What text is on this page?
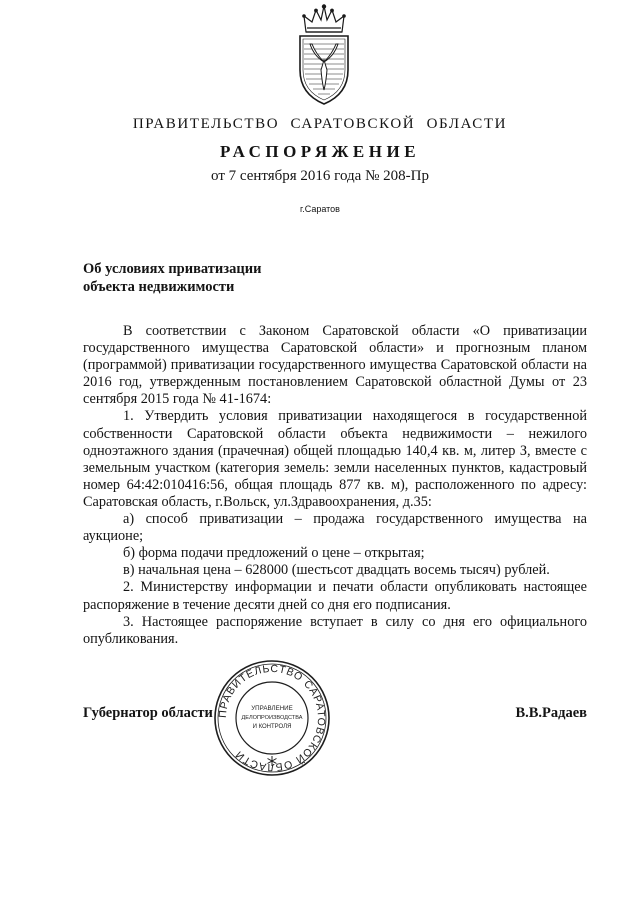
ПРАВИТЕЛЬСТВО САРАТОВСКОЙ ОБЛАСТИ
РАСПОРЯЖЕНИЕ
от 7 сентября 2016 года № 208-Пр
г.Саратов
Об условиях приватизации
объекта недвижимости

В соответствии с Законом Саратовской области «О приватизации государственного имущества Саратовской области» и прогнозным планом (программой) приватизации государственного имущества Саратовской области на 2016 год, утвержденным постановлением Саратовской областной Думы от 23 сентября 2015 года № 41-1674:

1. Утвердить условия приватизации находящегося в государственной собственности Саратовской области объекта недвижимости – нежилого одноэтажного здания (прачечная) общей площадью 140,4 кв. м, литер З, вместе с земельным участком (категория земель: земли населенных пунктов, кадастровый номер 64:42:010416:56, общая площадь 877 кв. м), расположенного по адресу: Саратовская область, г.Вольск, ул.Здравоохранения, д.35:

а) способ приватизации – продажа государственного имущества на аукционе;

б) форма подачи предложений о цене – открытая;

в) начальная цена – 628000 (шестьсот двадцать восемь тысяч) рублей.

2. Министерству информации и печати области опубликовать настоящее распоряжение в течение десяти дней со дня его подписания.

3. Настоящее распоряжение вступает в силу со дня его официального опубликования.

Губернатор области	В.В.Радаев
ПРАВИТЕЛЬСТВО САРАТОВСКОЙ ОБЛАСТИ
УПРАВЛЕНИЕ
ДЕЛОПРОИЗВОДСТВА
И КОНТРОЛЯ
